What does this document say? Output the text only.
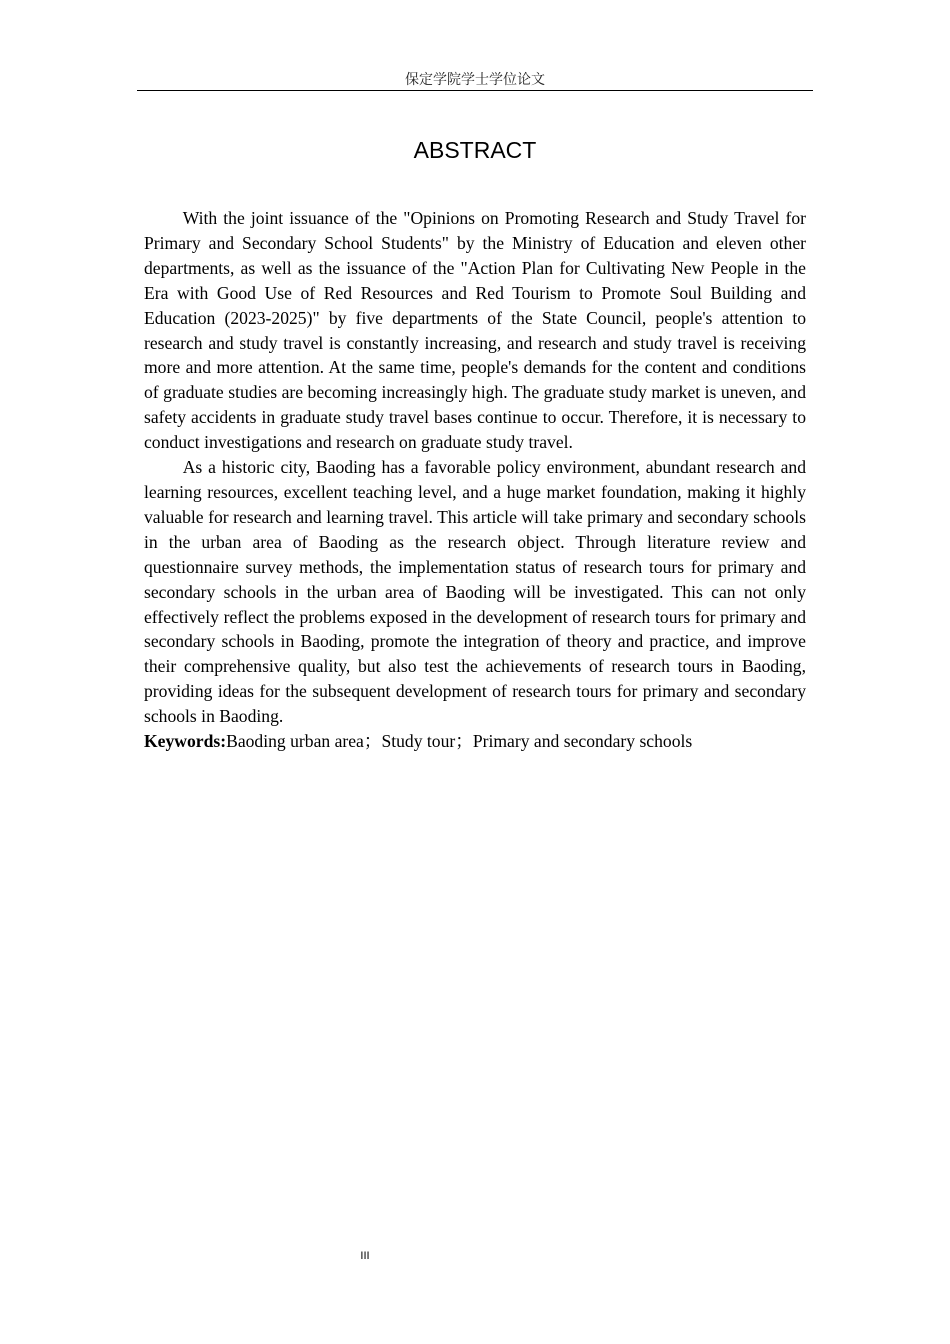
保定学院学士学位论文
ABSTRACT

With the joint issuance of the "Opinions on Promoting Research and Study Travel for Primary and Secondary School Students" by the Ministry of Education and eleven other departments, as well as the issuance of the "Action Plan for Cultivating New People in the Era with Good Use of Red Resources and Red Tourism to Promote Soul Building and Education (2023-2025)" by five departments of the State Council, people's attention to research and study travel is constantly increasing, and research and study travel is receiving more and more attention. At the same time, people's demands for the content and conditions of graduate studies are becoming increasingly high. The graduate study market is uneven, and safety accidents in graduate study travel bases continue to occur. Therefore, it is necessary to conduct investigations and research on graduate study travel.

As a historic city, Baoding has a favorable policy environment, abundant research and learning resources, excellent teaching level, and a huge market foundation, making it highly valuable for research and learning travel. This article will take primary and secondary schools in the urban area of Baoding as the research object. Through literature review and questionnaire survey methods, the implementation status of research tours for primary and secondary schools in the urban area of Baoding will be investigated. This can not only effectively reflect the problems exposed in the development of research tours for primary and secondary schools in Baoding, promote the integration of theory and practice, and improve their comprehensive quality, but also test the achievements of research tours in Baoding, providing ideas for the subsequent development of research tours for primary and secondary schools in Baoding.

Keywords:Baoding urban area；Study tour；Primary and secondary schools

III
